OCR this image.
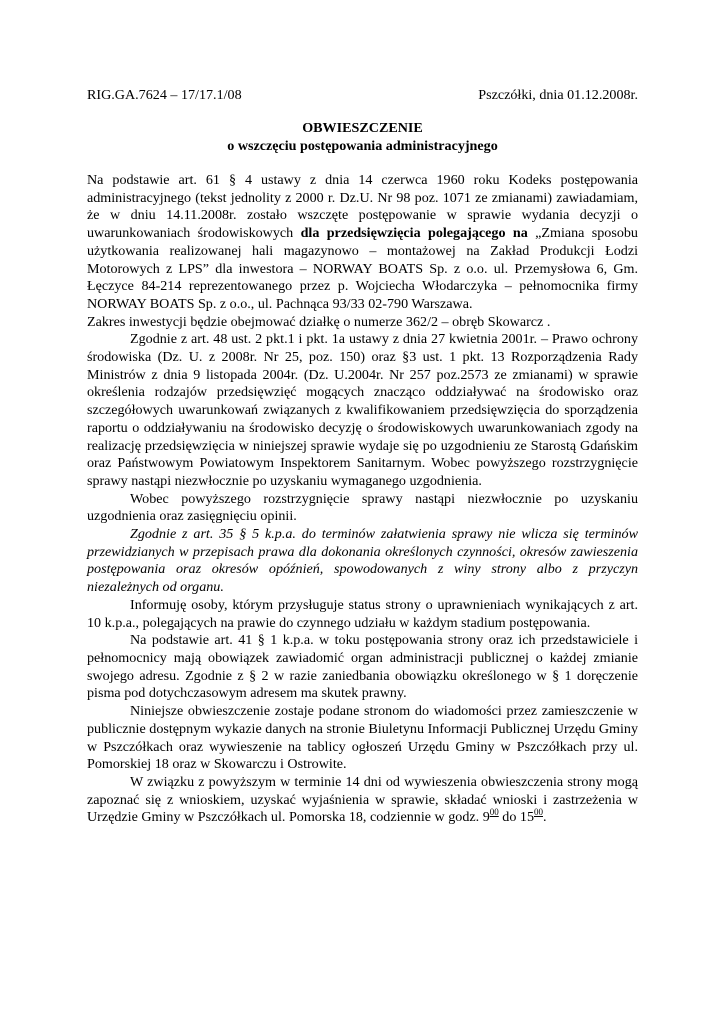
RIG.GA.7624 – 17/17.1/08	Pszczółki, dnia 01.12.2008r.
OBWIESZCZENIE
o wszczęciu postępowania administracyjnego

Na podstawie art. 61 § 4 ustawy z dnia 14 czerwca 1960 roku Kodeks postępowania administracyjnego (tekst jednolity z 2000 r. Dz.U. Nr 98 poz. 1071 ze zmianami) zawiadamiam, że w dniu 14.11.2008r. zostało wszczęte postępowanie w sprawie wydania decyzji o uwarunkowaniach środowiskowych dla przedsięwzięcia polegającego na „Zmiana sposobu użytkowania realizowanej hali magazynowo – montażowej na Zakład Produkcji Łodzi Motorowych z LPS” dla inwestora – NORWAY BOATS Sp. z o.o. ul. Przemysłowa 6, Gm. Łęczyce 84-214 reprezentowanego przez p. Wojciecha Włodarczyka – pełnomocnika firmy NORWAY BOATS Sp. z o.o., ul. Pachnąca 93/33 02-790 Warszawa.

Zakres inwestycji będzie obejmować działkę o numerze 362/2 – obręb Skowarcz .

Zgodnie z art. 48 ust. 2 pkt.1 i pkt. 1a ustawy z dnia 27 kwietnia 2001r. – Prawo ochrony środowiska (Dz. U. z 2008r. Nr 25, poz. 150) oraz §3 ust. 1 pkt. 13 Rozporządzenia Rady Ministrów z dnia 9 listopada 2004r. (Dz. U.2004r. Nr 257 poz.2573 ze zmianami) w sprawie określenia rodzajów przedsięwzięć mogących znacząco oddziaływać na środowisko oraz szczegółowych uwarunkowań związanych z kwalifikowaniem przedsięwzięcia do sporządzenia raportu o oddziaływaniu na środowisko decyzję o środowiskowych uwarunkowaniach zgody na realizację przedsięwzięcia w niniejszej sprawie wydaje się po uzgodnieniu ze Starostą Gdańskim oraz Państwowym Powiatowym Inspektorem Sanitarnym. Wobec powyższego rozstrzygnięcie sprawy nastąpi niezwłocznie po uzyskaniu wymaganego uzgodnienia.

Wobec powyższego rozstrzygnięcie sprawy nastąpi niezwłocznie po uzyskaniu uzgodnienia oraz zasięgnięciu opinii.

Zgodnie z art. 35 § 5 k.p.a. do terminów załatwienia sprawy nie wlicza się terminów przewidzianych w przepisach prawa dla dokonania określonych czynności, okresów zawieszenia postępowania oraz okresów opóźnień, spowodowanych z winy strony albo z przyczyn niezależnych od organu.

Informuję osoby, którym przysługuje status strony o uprawnieniach wynikających z art. 10 k.p.a., polegających na prawie do czynnego udziału w każdym stadium postępowania.

Na podstawie art. 41 § 1 k.p.a. w toku postępowania strony oraz ich przedstawiciele i pełnomocnicy mają obowiązek zawiadomić organ administracji publicznej o każdej zmianie swojego adresu. Zgodnie z § 2 w razie zaniedbania obowiązku określonego w § 1 doręczenie pisma pod dotychczasowym adresem ma skutek prawny.

Niniejsze obwieszczenie zostaje podane stronom do wiadomości przez zamieszczenie w publicznie dostępnym wykazie danych na stronie Biuletynu Informacji Publicznej Urzędu Gminy w Pszczółkach oraz wywieszenie na tablicy ogłoszeń Urzędu Gminy w Pszczółkach przy ul. Pomorskiej 18 oraz w Skowarczu i Ostrowite.

W związku z powyższym w terminie 14 dni od wywieszenia obwieszczenia strony mogą zapoznać się z wnioskiem, uzyskać wyjaśnienia w sprawie, składać wnioski i zastrzeżenia w Urzędzie Gminy w Pszczółkach ul. Pomorska 18, codziennie w godz. $9^{00}$ do $15^{00}$.
